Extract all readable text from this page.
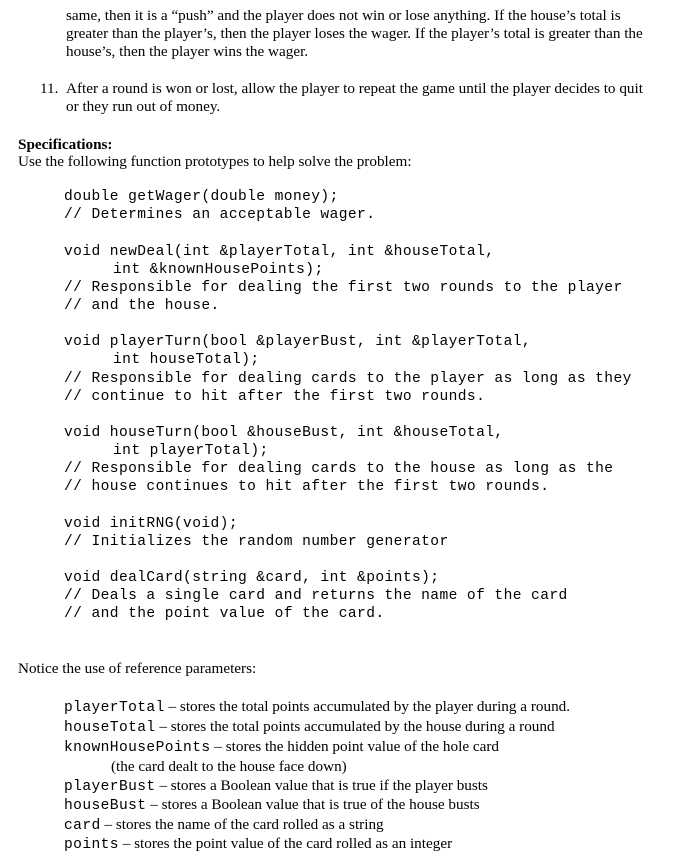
same, then it is a “push” and the player does not win or lose anything. If the house’s total is
greater than the player’s, then the player loses the wager. If the player’s total is greater than the
house’s, then the player wins the wager.
11. After a round is won or lost, allow the player to repeat the game until the player decides to quit
or they run out of money.
Specifications:
Use the following function prototypes to help solve the problem:
double getWager(double money);
// Determines an acceptable wager.
void newDeal(int &playerTotal, int &houseTotal,
int &knownHousePoints);
// Responsible for dealing the first two rounds to the player
// and the house.
void playerTurn(bool &playerBust, int &playerTotal,
int houseTotal);
// Responsible for dealing cards to the player as long as they
// continue to hit after the first two rounds.
void houseTurn(bool &houseBust, int &houseTotal,
int playerTotal);
// Responsible for dealing cards to the house as long as the
// house continues to hit after the first two rounds.
void initRNG(void);
// Initializes the random number generator
void dealCard(string &card, int &points);
// Deals a single card and returns the name of the card
// and the point value of the card.
Notice the use of reference parameters:
playerTotal – stores the total points accumulated by the player during a round.
houseTotal – stores the total points accumulated by the house during a round
knownHousePoints – stores the hidden point value of the hole card
(the card dealt to the house face down)
playerBust – stores a Boolean value that is true if the player busts
houseBust – stores a Boolean value that is true of the house busts
card – stores the name of the card rolled as a string
points – stores the point value of the card rolled as an integer
